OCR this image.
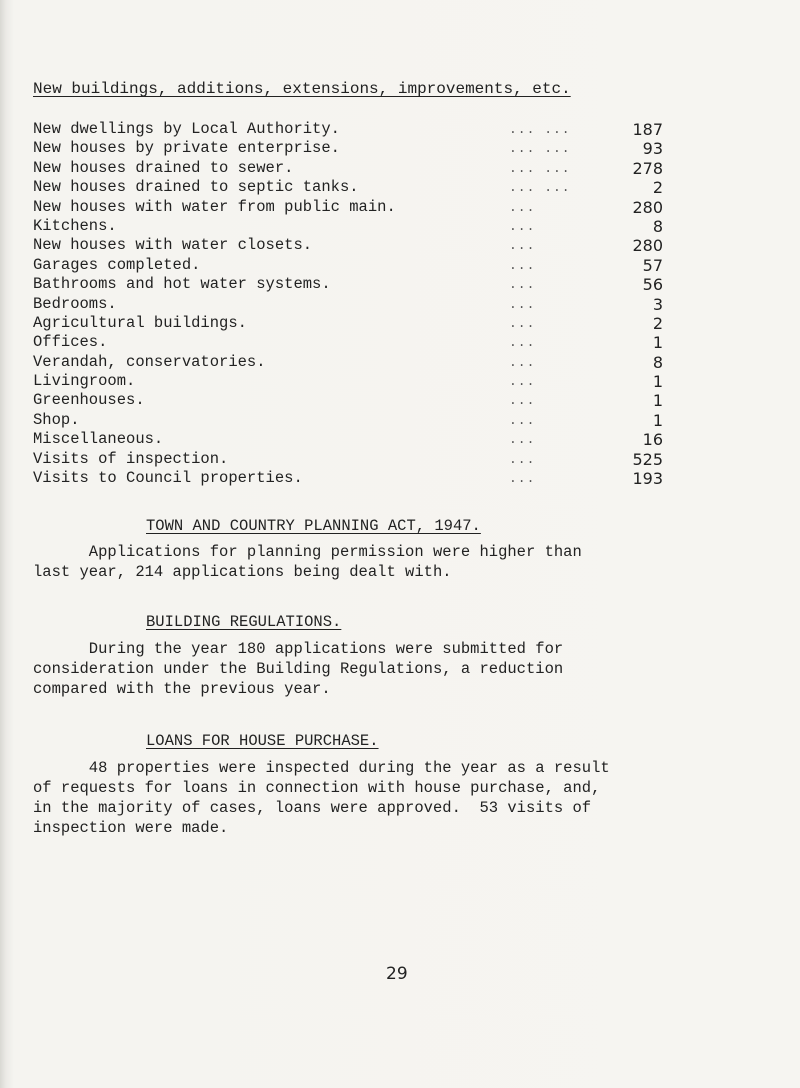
New buildings, additions, extensions, improvements, etc.
New dwellings by Local Authority.	... ...	187
New houses by private enterprise.	... ...	93
New houses drained to sewer.	... ...	278
New houses drained to septic tanks.	... ...	2
New houses with water from public main.	...	280
Kitchens.	...	8
New houses with water closets.	...	280
Garages completed.	...	57
Bathrooms and hot water systems.	...	56
Bedrooms.	...	3
Agricultural buildings.	...	2
Offices.	...	1
Verandah, conservatories.	...	8
Livingroom.	...	1
Greenhouses.	...	1
Shop.	...	1
Miscellaneous.	...	16
Visits of inspection.	...	525
Visits to Council properties.	...	193
TOWN AND COUNTRY PLANNING ACT, 1947.
Applications for planning permission were higher than
last year, 214 applications being dealt with.
BUILDING REGULATIONS.
During the year 180 applications were submitted for
consideration under the Building Regulations, a reduction
compared with the previous year.
LOANS FOR HOUSE PURCHASE.
48 properties were inspected during the year as a result
of requests for loans in connection with house purchase, and,
in the majority of cases, loans were approved.  53 visits of
inspection were made.
29
